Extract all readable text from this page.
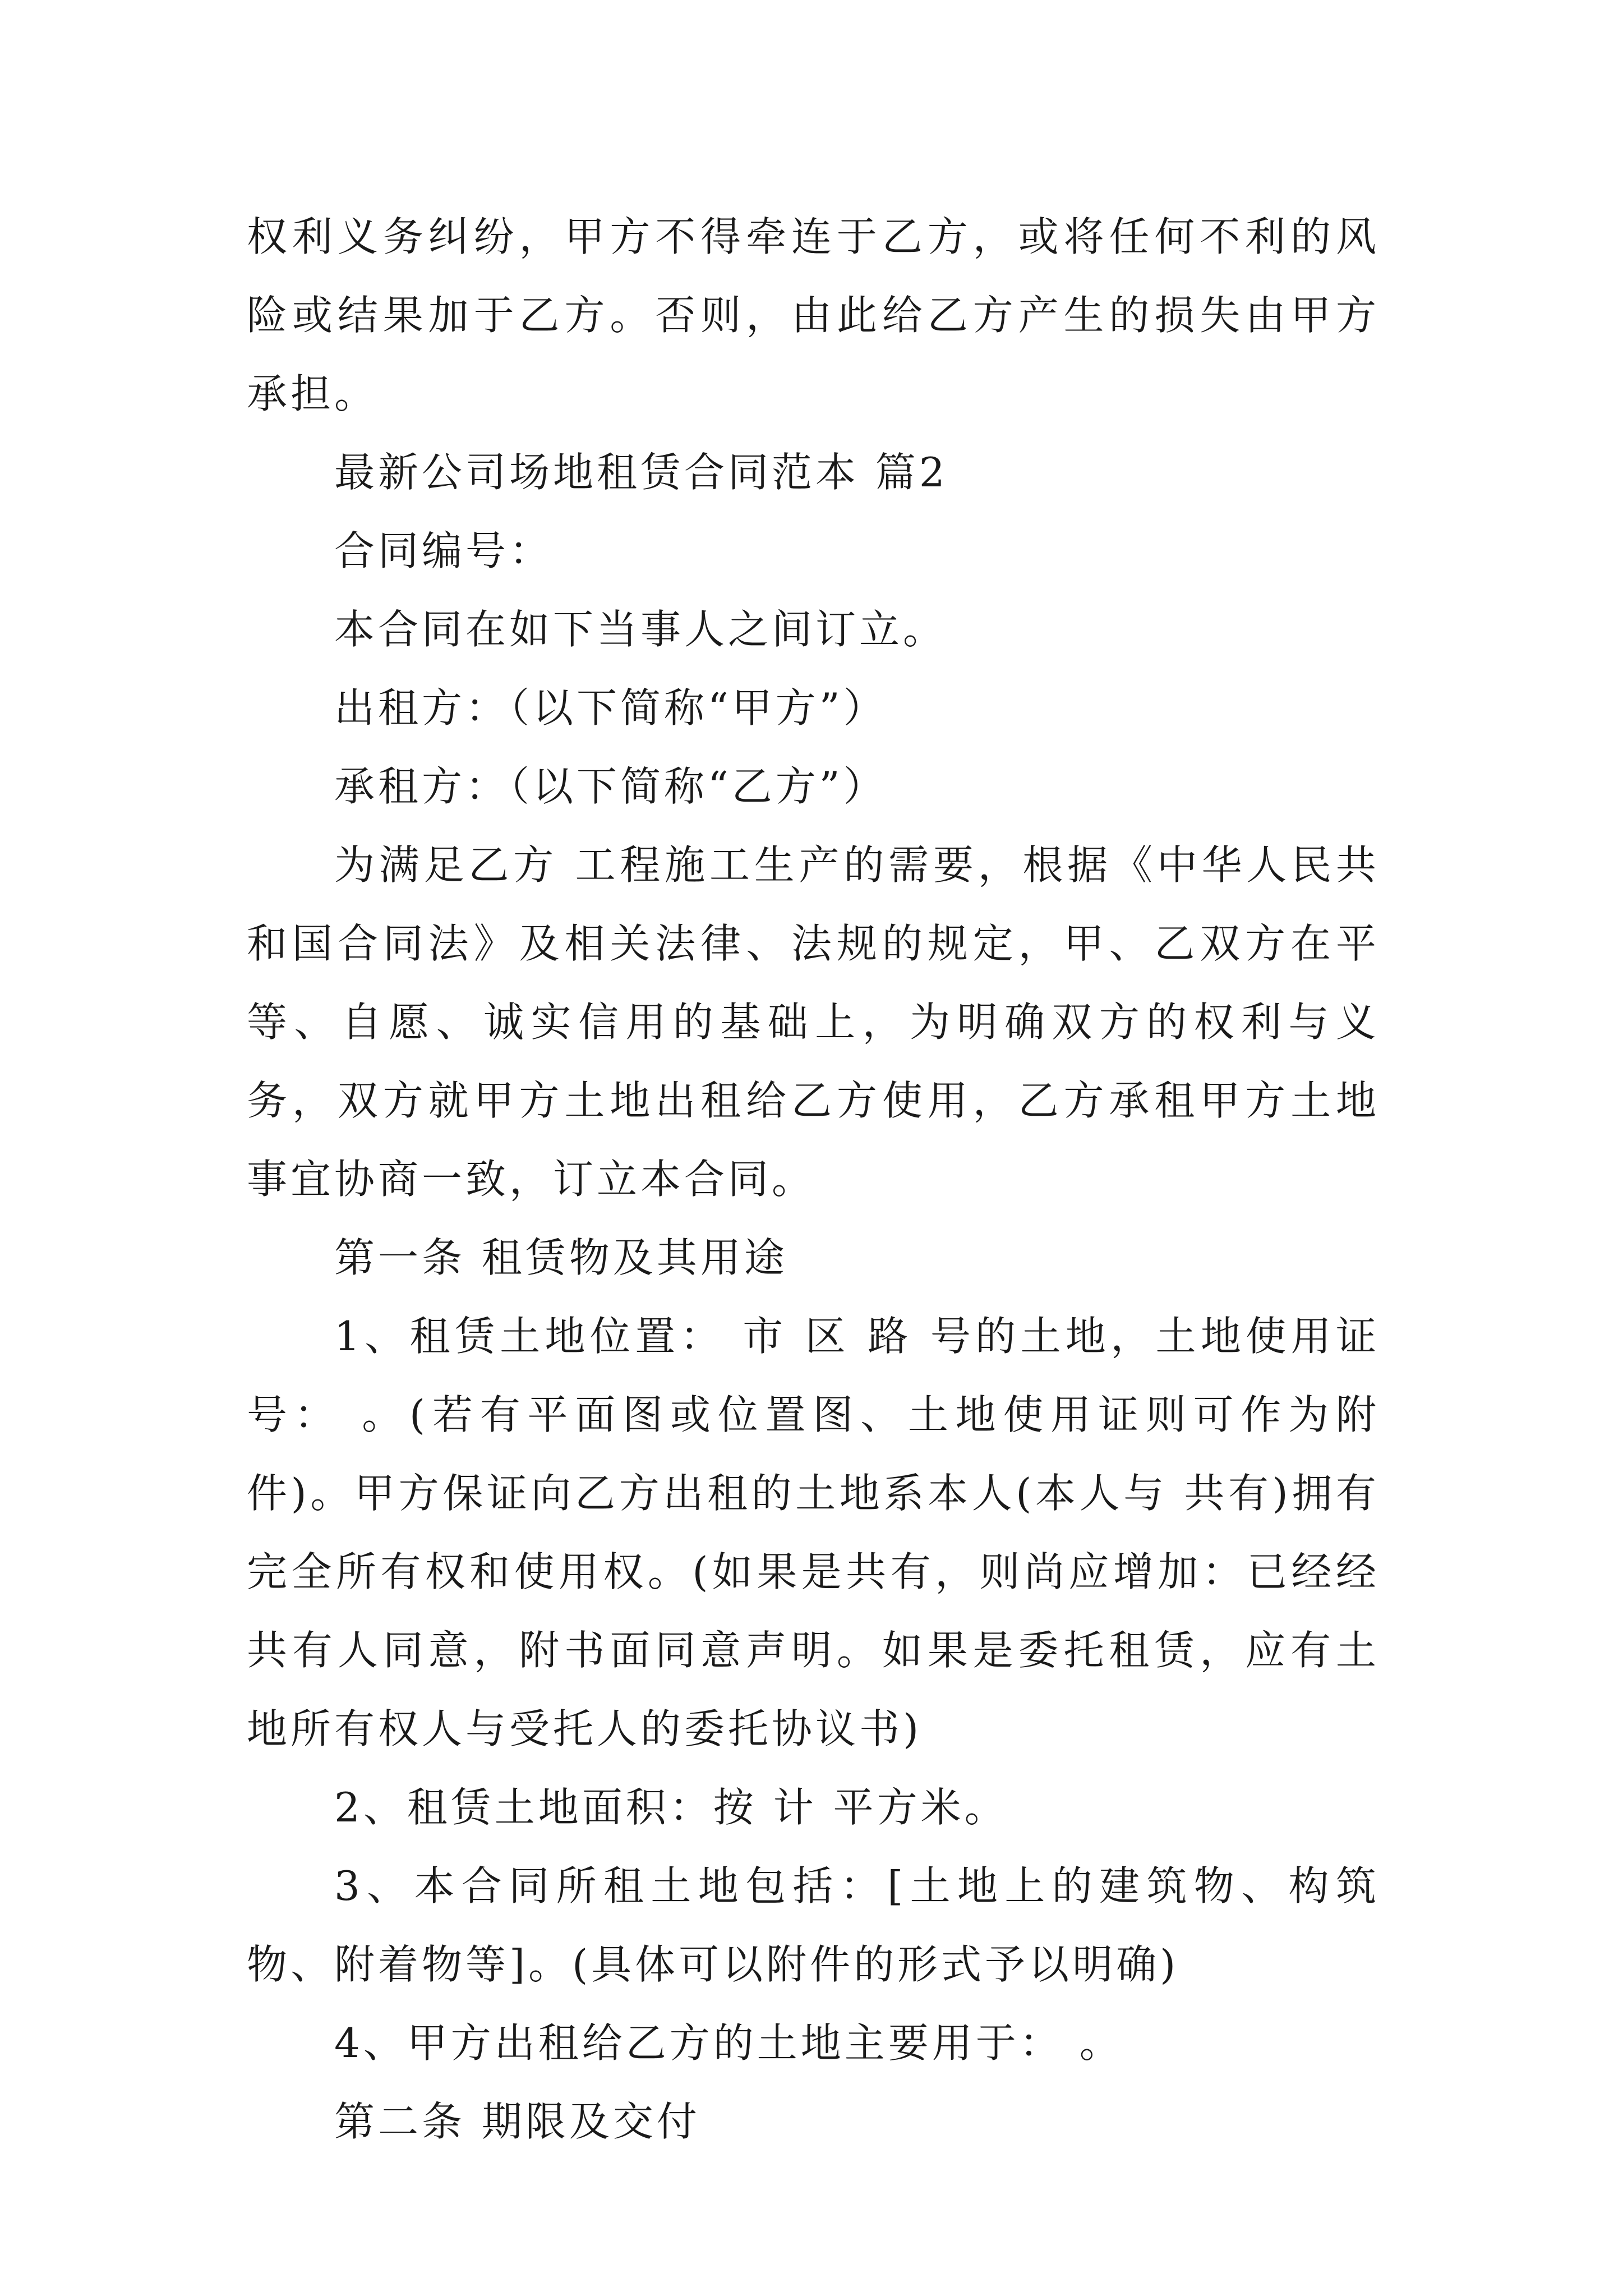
权利义务纠纷，甲方不得牵连于乙方，或将任何不利的风险或结果加于乙方。否则，由此给乙方产生的损失由甲方承担。

最新公司场地租赁合同范本 篇2

合同编号：

本合同在如下当事人之间订立。

出租方：（以下简称“甲方”）

承租方：（以下简称“乙方”）

为满足乙方 工程施工生产的需要，根据《中华人民共和国合同法》及相关法律、法规的规定，甲、乙双方在平等、自愿、诚实信用的基础上，为明确双方的权利与义务，双方就甲方土地出租给乙方使用，乙方承租甲方土地事宜协商一致，订立本合同。

第一条 租赁物及其用途

1、租赁土地位置： 市 区 路 号的土地，土地使用证号： 。(若有平面图或位置图、土地使用证则可作为附件)。甲方保证向乙方出租的土地系本人(本人与 共有)拥有完全所有权和使用权。(如果是共有，则尚应增加：已经经共有人同意，附书面同意声明。如果是委托租赁，应有土地所有权人与受托人的委托协议书)

2、租赁土地面积：按 计 平方米。

3、本合同所租土地包括：[土地上的建筑物、构筑物、附着物等]。(具体可以附件的形式予以明确)

4、甲方出租给乙方的土地主要用于： 。

第二条 期限及交付
